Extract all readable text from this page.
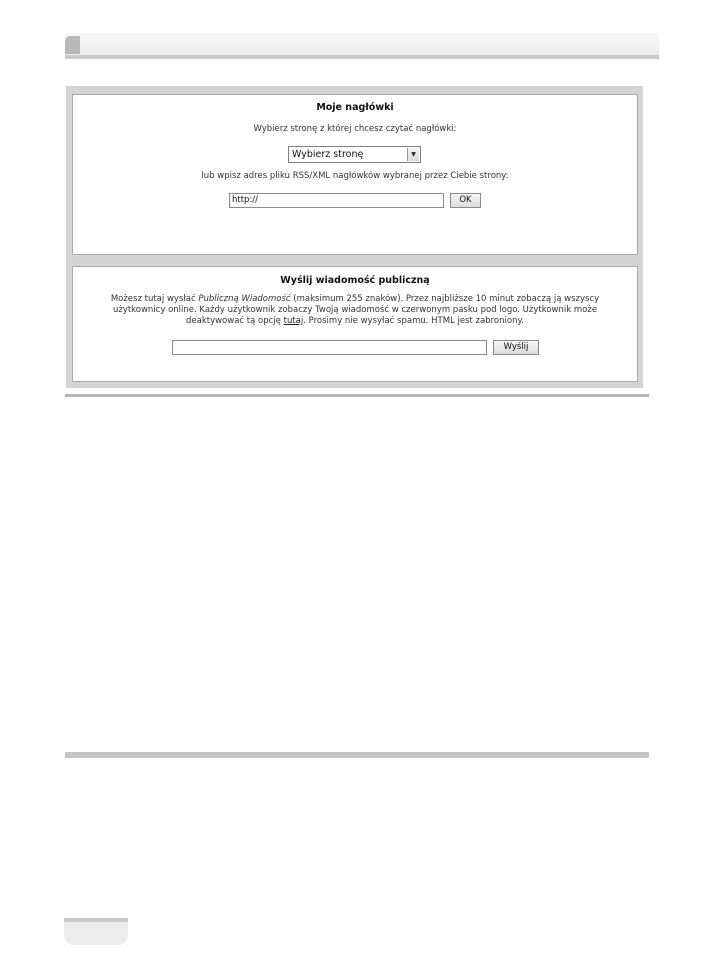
Moje nagłówki
Wybierz stronę z której chcesz czytać nagłówki:
Wybierz stronę	▼
lub wpisz adres pliku RSS/XML nagłówków wybranej przez Ciebie strony:
http://	OK
Wyślij wiadomość publiczną
Możesz tutaj wysłać Publiczną Wiadomość (maksimum 255 znaków). Przez najbliższe 10 minut zobaczą ją wszyscy użytkownicy online. Każdy użytkownik zobaczy Twoją wiadomość w czerwonym pasku pod logo. Użytkownik może deaktywować tą opcję tutaj. Prosimy nie wysyłać spamu. HTML jest zabroniony.
Wyślij
